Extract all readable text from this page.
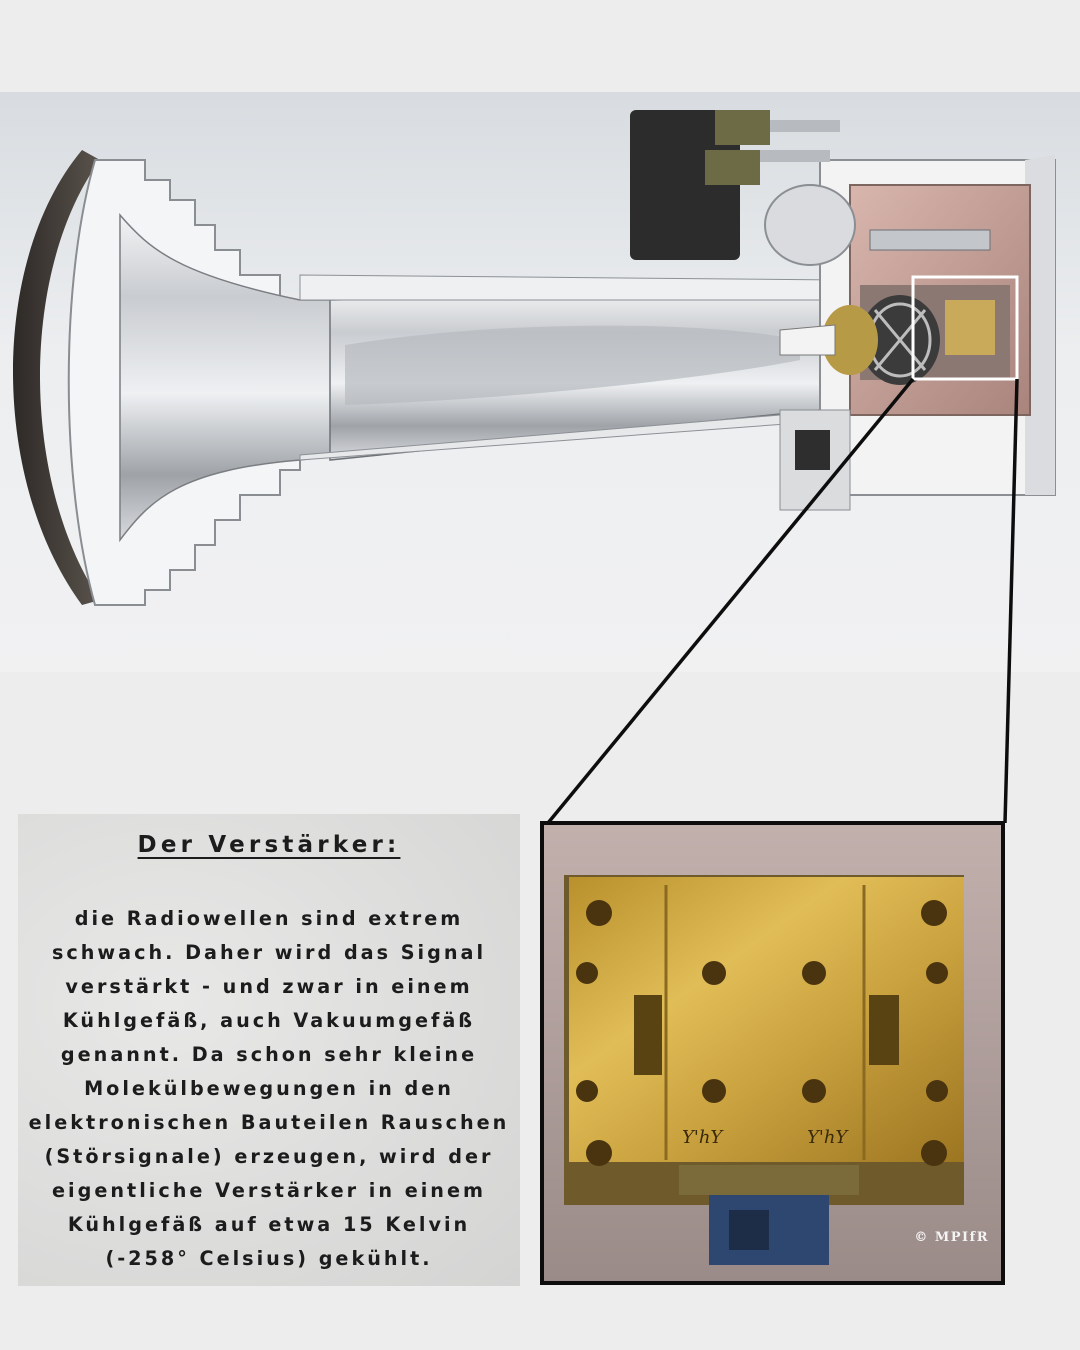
Der Verstärker:
die Radiowellen sind extrem schwach. Daher wird das Signal verstärkt - und zwar in einem Kühlgefäß, auch Vakuumgefäß genannt. Da schon sehr kleine Molekülbewegungen in den elektronischen Bauteilen Rauschen (Störsignale) erzeugen, wird der eigentliche Verstärker in einem Kühlgefäß auf etwa 15 Kelvin (-258° Celsius) gekühlt.
Y'hY	Y'hY
© MPIfR
